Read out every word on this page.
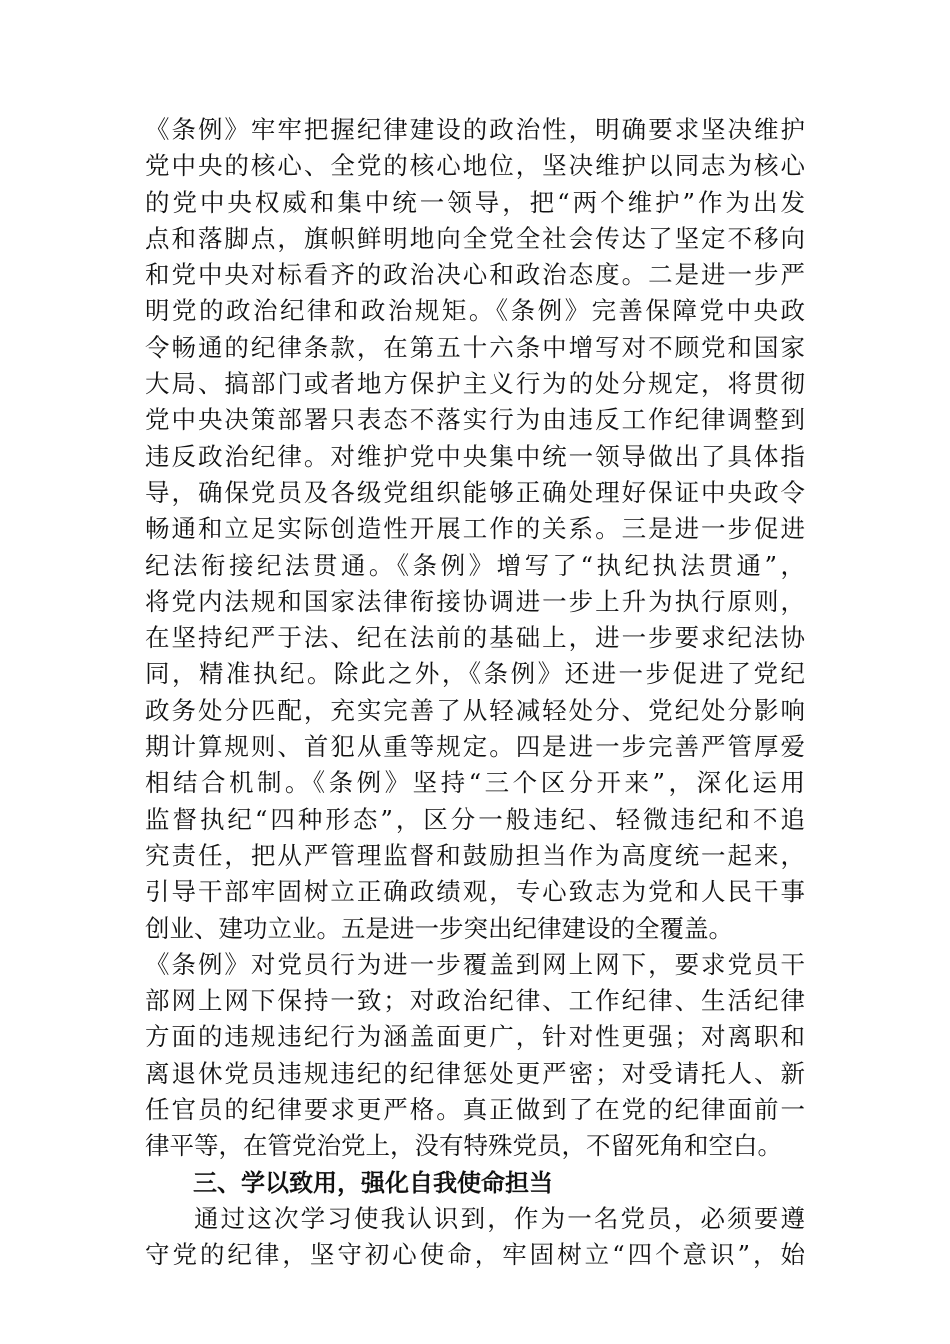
《条例》牢牢把握纪律建设的政治性，明确要求坚决维护
党中央的核心、全党的核心地位，坚决维护以同志为核心
的党中央权威和集中统一领导，把“两个维护”作为出发
点和落脚点，旗帜鲜明地向全党全社会传达了坚定不移向
和党中央对标看齐的政治决心和政治态度。二是进一步严
明党的政治纪律和政治规矩。《条例》完善保障党中央政
令畅通的纪律条款，在第五十六条中增写对不顾党和国家
大局、搞部门或者地方保护主义行为的处分规定，将贯彻
党中央决策部署只表态不落实行为由违反工作纪律调整到
违反政治纪律。对维护党中央集中统一领导做出了具体指
导，确保党员及各级党组织能够正确处理好保证中央政令
畅通和立足实际创造性开展工作的关系。三是进一步促进
纪法衔接纪法贯通。《条例》增写了“执纪执法贯通”，
将党内法规和国家法律衔接协调进一步上升为执行原则，
在坚持纪严于法、纪在法前的基础上，进一步要求纪法协
同，精准执纪。除此之外，《条例》还进一步促进了党纪
政务处分匹配，充实完善了从轻减轻处分、党纪处分影响
期计算规则、首犯从重等规定。四是进一步完善严管厚爱
相结合机制。《条例》坚持“三个区分开来”，深化运用
监督执纪“四种形态”，区分一般违纪、轻微违纪和不追
究责任，把从严管理监督和鼓励担当作为高度统一起来，
引导干部牢固树立正确政绩观，专心致志为党和人民干事
创业、建功立业。五是进一步突出纪律建设的全覆盖。
《条例》对党员行为进一步覆盖到网上网下，要求党员干
部网上网下保持一致；对政治纪律、工作纪律、生活纪律
方面的违规违纪行为涵盖面更广，针对性更强；对离职和
离退休党员违规违纪的纪律惩处更严密；对受请托人、新
任官员的纪律要求更严格。真正做到了在党的纪律面前一
律平等，在管党治党上，没有特殊党员，不留死角和空白。
三、学以致用，强化自我使命担当
通过这次学习使我认识到，作为一名党员，必须要遵
守党的纪律，坚守初心使命，牢固树立“四个意识”，始
